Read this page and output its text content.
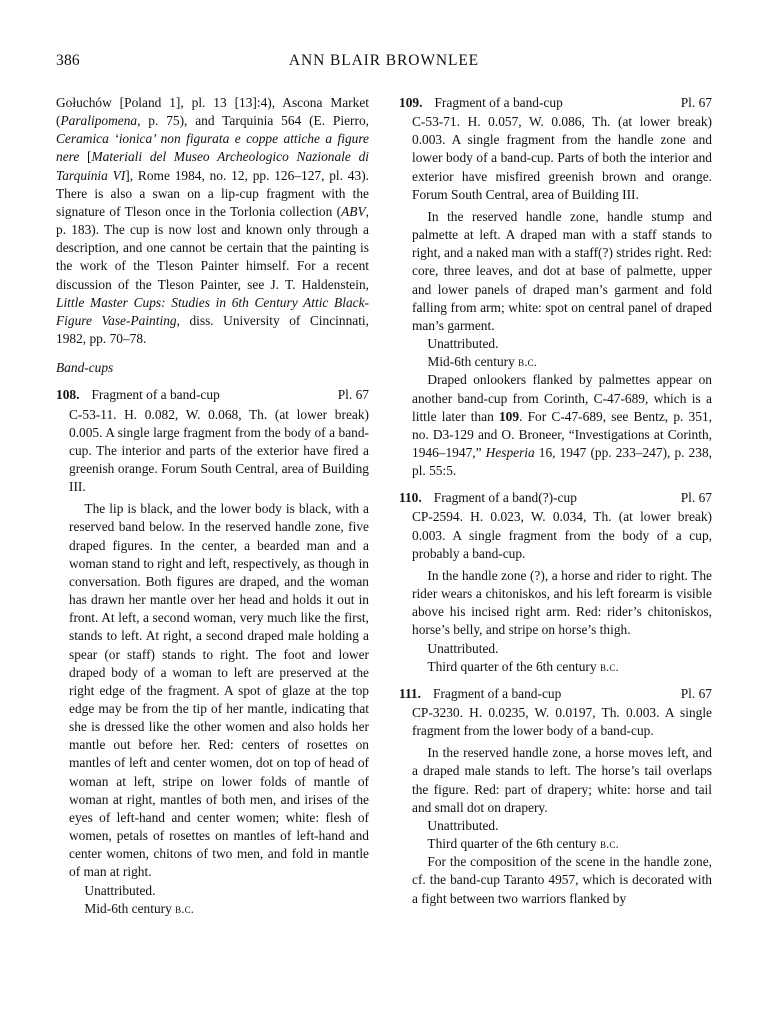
386	ANN BLAIR BROWNLEE

Gołuchów [Poland 1], pl. 13 [13]:4), Ascona Market (Paralipomena, p. 75), and Tarquinia 564 (E. Pierro, Ceramica ‘ionica’ non figurata e coppe attiche a figure nere [Materiali del Museo Archeologico Nazionale di Tarquinia VI], Rome 1984, no. 12, pp. 126–127, pl. 43). There is also a swan on a lip-cup fragment with the signature of Tleson once in the Torlonia collection (ABV, p. 183). The cup is now lost and known only through a description, and one cannot be certain that the painting is the work of the Tleson Painter himself. For a recent discussion of the Tleson Painter, see J. T. Haldenstein, Little Master Cups: Studies in 6th Century Attic Black-Figure Vase-Painting, diss. University of Cincinnati, 1982, pp. 70–78.

Band-cups
108. Fragment of a band-cup	Pl. 67

C-53-11. H. 0.082, W. 0.068, Th. (at lower break) 0.005. A single large fragment from the body of a band-cup. The interior and parts of the exterior have fired a greenish orange. Forum South Central, area of Building III.

The lip is black, and the lower body is black, with a reserved band below. In the reserved handle zone, five draped figures. In the center, a bearded man and a woman stand to right and left, respectively, as though in conversation. Both figures are draped, and the woman has drawn her mantle over her head and holds it out in front. At left, a second woman, very much like the first, stands to left. At right, a second draped male holding a spear (or staff) stands to right. The foot and lower draped body of a woman to left are preserved at the right edge of the fragment. A spot of glaze at the top edge may be from the tip of her mantle, indicating that she is dressed like the other women and also holds her mantle out before her. Red: centers of rosettes on mantles of left and center women, dot on top of head of woman at left, stripe on lower folds of mantle of woman at right, mantles of both men, and irises of the eyes of left-hand and center women; white: flesh of women, petals of rosettes on mantles of left-hand and center women, chitons of two men, and fold in mantle of man at right.

Unattributed.

Mid-6th century b.c.

109. Fragment of a band-cup	Pl. 67

C-53-71. H. 0.057, W. 0.086, Th. (at lower break) 0.003. A single fragment from the handle zone and lower body of a band-cup. Parts of both the interior and exterior have misfired greenish brown and orange. Forum South Central, area of Building III.

In the reserved handle zone, handle stump and palmette at left. A draped man with a staff stands to right, and a naked man with a staff(?) strides right. Red: core, three leaves, and dot at base of palmette, upper and lower panels of draped man’s garment and fold falling from arm; white: spot on central panel of draped man’s garment.

Unattributed.

Mid-6th century b.c.

Draped onlookers flanked by palmettes appear on another band-cup from Corinth, C-47-689, which is a little later than 109. For C-47-689, see Bentz, p. 351, no. D3-129 and O. Broneer, “Investigations at Corinth, 1946–1947,” Hesperia 16, 1947 (pp. 233–247), p. 238, pl. 55:5.

110. Fragment of a band(?)-cup	Pl. 67

CP-2594. H. 0.023, W. 0.034, Th. (at lower break) 0.003. A single fragment from the body of a cup, probably a band-cup.

In the handle zone (?), a horse and rider to right. The rider wears a chitoniskos, and his left forearm is visible above his incised right arm. Red: rider’s chitoniskos, horse’s belly, and stripe on horse’s thigh.

Unattributed.

Third quarter of the 6th century b.c.

111. Fragment of a band-cup	Pl. 67

CP-3230. H. 0.0235, W. 0.0197, Th. 0.003. A single fragment from the lower body of a band-cup.

In the reserved handle zone, a horse moves left, and a draped male stands to left. The horse’s tail overlaps the figure. Red: part of drapery; white: horse and tail and small dot on drapery.

Unattributed.

Third quarter of the 6th century b.c.

For the composition of the scene in the handle zone, cf. the band-cup Taranto 4957, which is decorated with a fight between two warriors flanked by
